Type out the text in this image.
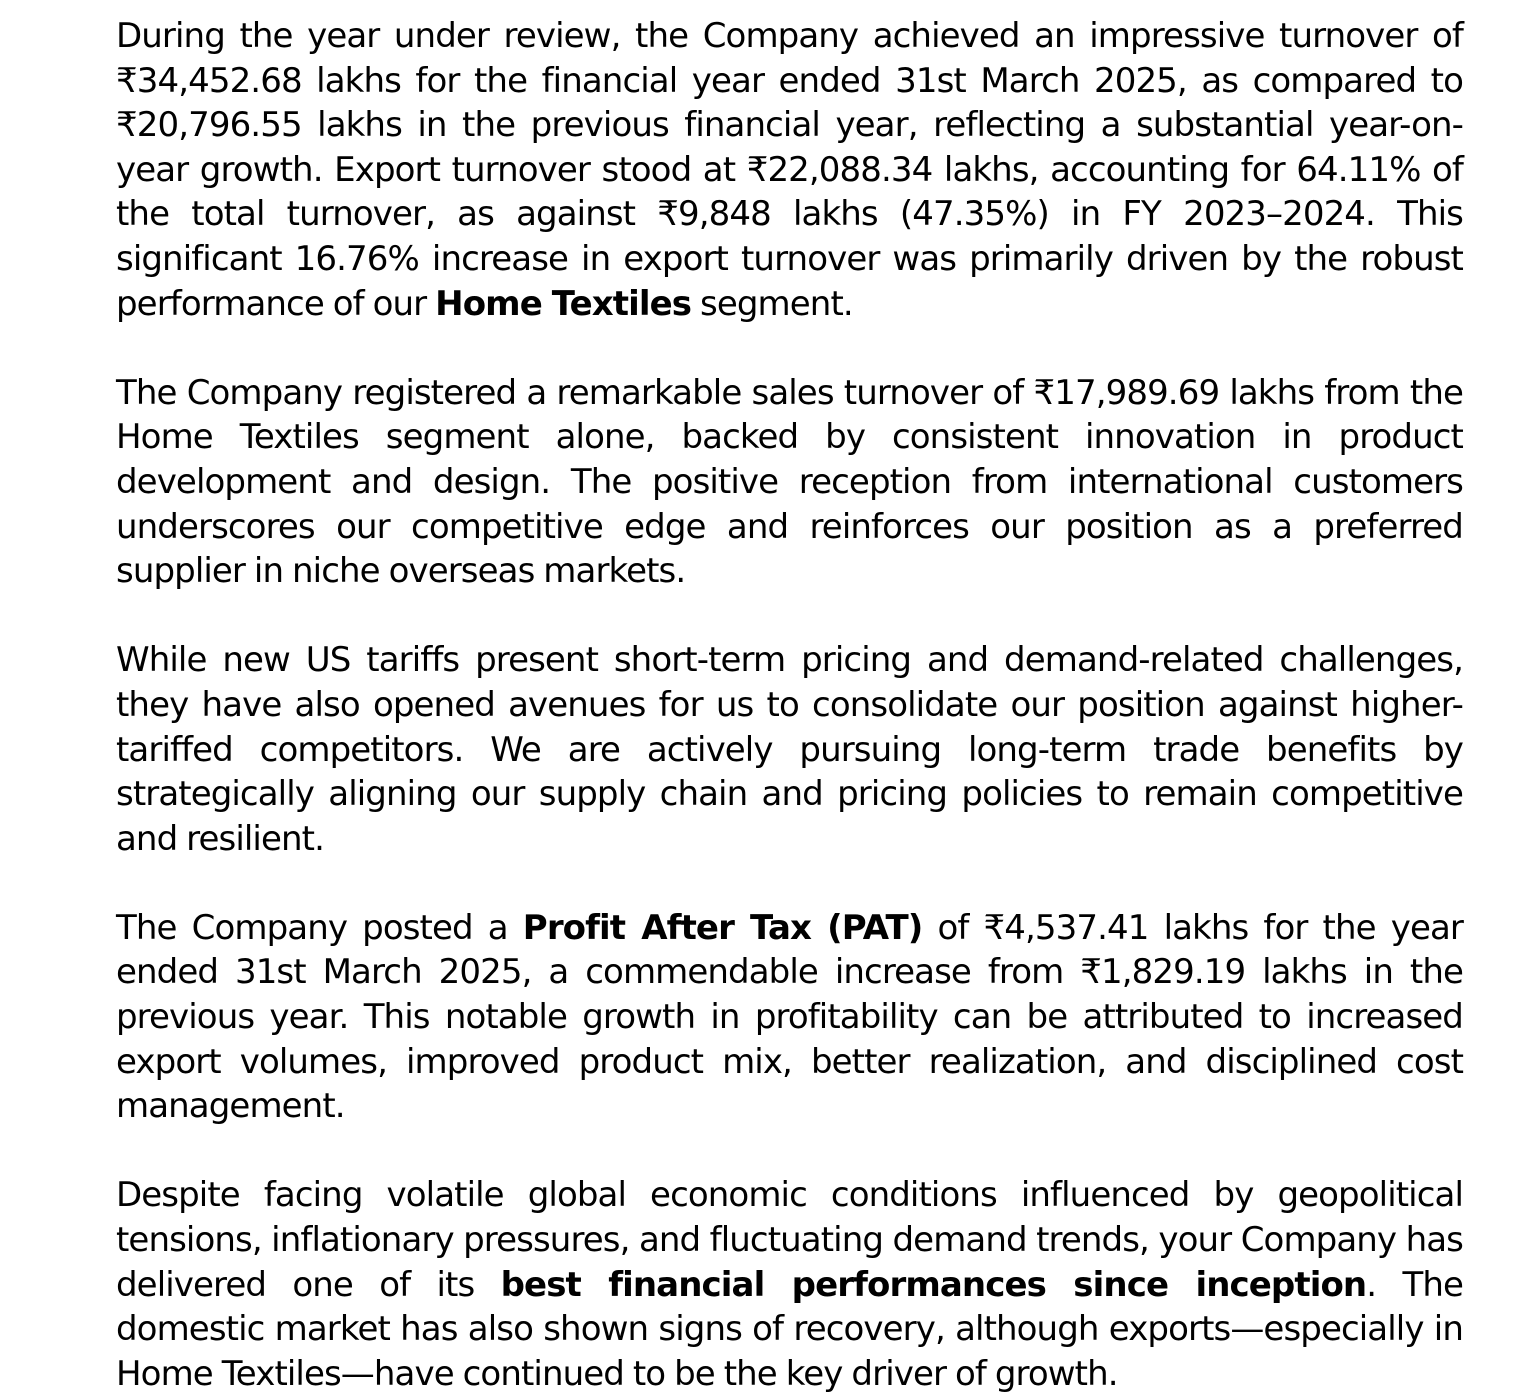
During the year under review, the Company achieved an impressive turnover of ₹34,452.68 lakhs for the financial year ended 31st March 2025, as compared to ₹20,796.55 lakhs in the previous financial year, reflecting a substantial year-on-year growth. Export turnover stood at ₹22,088.34 lakhs, accounting for 64.11% of the total turnover, as against ₹9,848 lakhs (47.35%) in FY 2023–2024. This significant 16.76% increase in export turnover was primarily driven by the robust performance of our Home Textiles segment.

The Company registered a remarkable sales turnover of ₹17,989.69 lakhs from the Home Textiles segment alone, backed by consistent innovation in product development and design. The positive reception from international customers underscores our competitive edge and reinforces our position as a preferred supplier in niche overseas markets.

While new US tariffs present short-term pricing and demand-related challenges, they have also opened avenues for us to consolidate our position against higher-tariffed competitors. We are actively pursuing long-term trade benefits by strategically aligning our supply chain and pricing policies to remain competitive and resilient.

The Company posted a Profit After Tax (PAT) of ₹4,537.41 lakhs for the year ended 31st March 2025, a commendable increase from ₹1,829.19 lakhs in the previous year. This notable growth in profitability can be attributed to increased export volumes, improved product mix, better realization, and disciplined cost management.

Despite facing volatile global economic conditions influenced by geopolitical tensions, inflationary pressures, and fluctuating demand trends, your Company has delivered one of its best financial performances since inception. The domestic market has also shown signs of recovery, although exports—especially in Home Textiles—have continued to be the key driver of growth.
